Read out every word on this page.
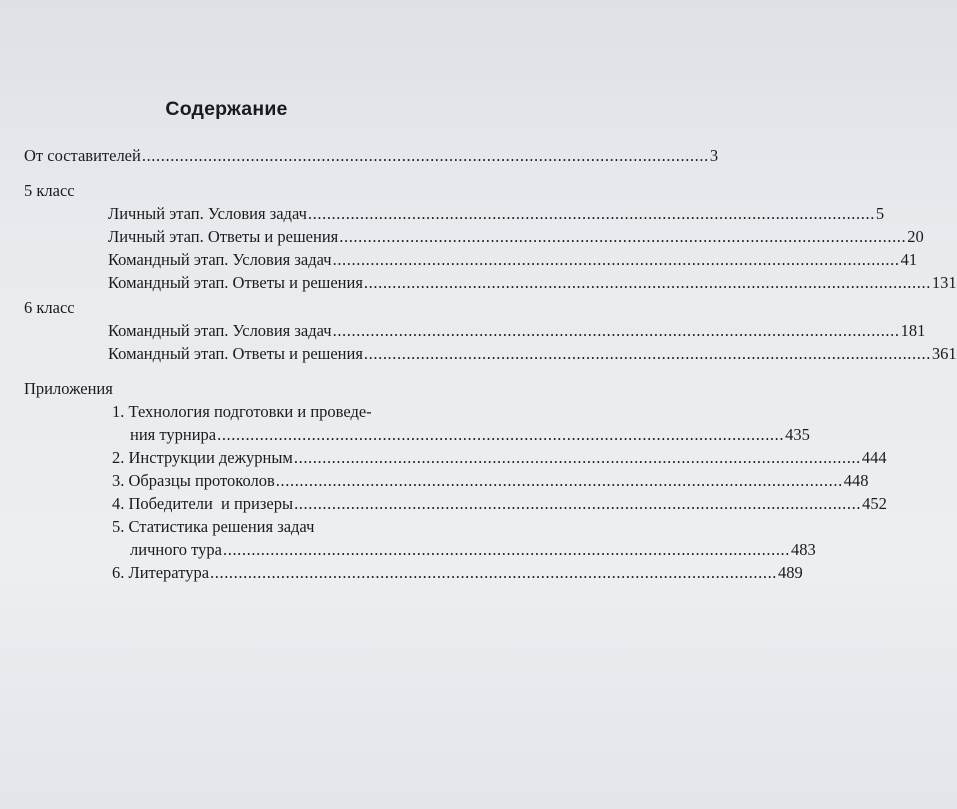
Содержание
От составителей ........................................................................................................................ 3
5 класс
Личный этап. Условия задач ........................................................................................................................ 5
Личный этап. Ответы и решения ........................................................................................................................ 20
Командный этап. Условия задач ........................................................................................................................ 41
Командный этап. Ответы и решения ........................................................................................................................ 131
6 класс
Командный этап. Условия задач ........................................................................................................................ 181
Командный этап. Ответы и решения ........................................................................................................................ 361
Приложения
1. Технология подготовки и проведе-
ния турнира ........................................................................................................................ 435
2. Инструкции дежурным ........................................................................................................................ 444
3. Образцы протоколов ........................................................................................................................ 448
4. Победители  и призеры ........................................................................................................................ 452
5. Статистика решения задач
личного тура ........................................................................................................................ 483
6. Литература ........................................................................................................................ 489
